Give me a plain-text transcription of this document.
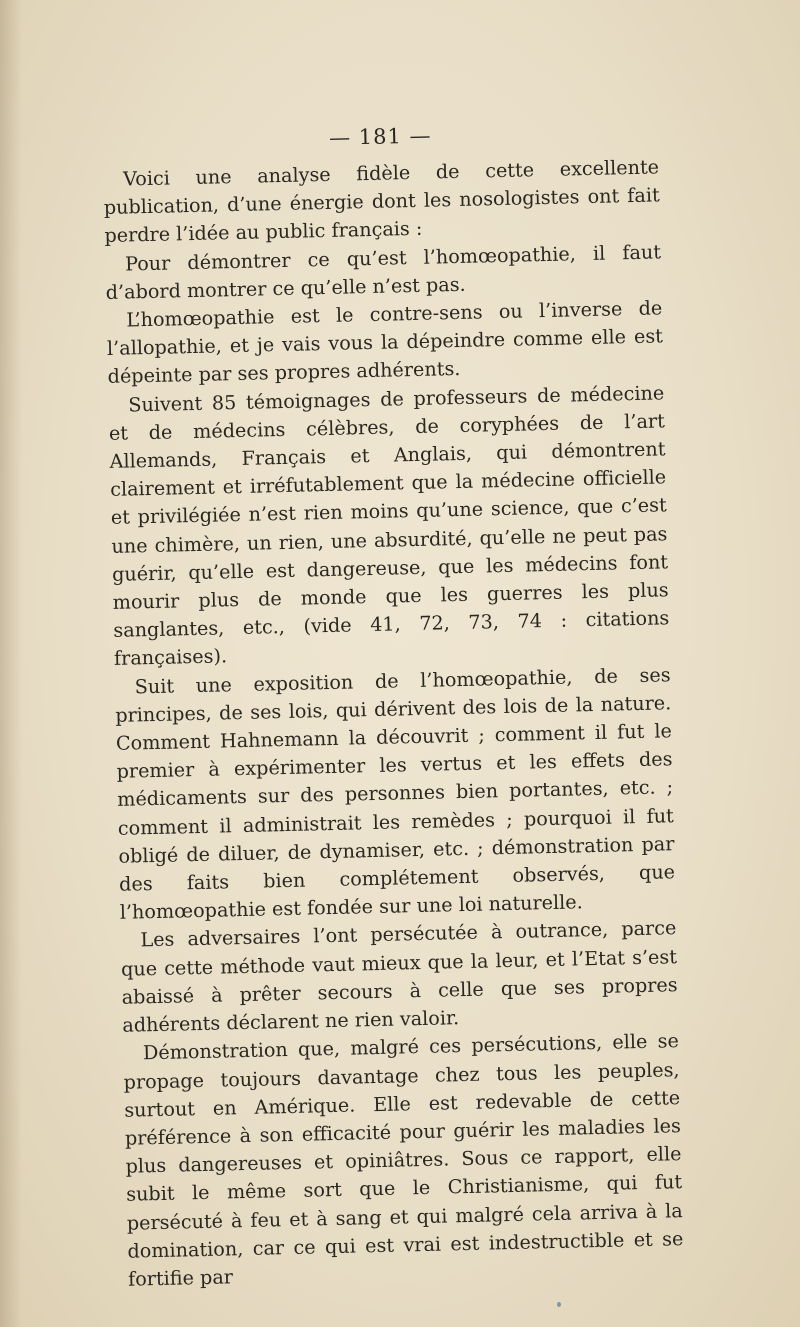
— 181 —

Voici une analyse fidèle de cette excellente publication, d’une énergie dont les nosologistes ont fait perdre l’idée au public français :

Pour démontrer ce qu’est l’homœopathie, il faut d’abord montrer ce qu’elle n’est pas.

L’homœopathie est le contre-sens ou l’inverse de l’allopathie, et je vais vous la dépeindre comme elle est dépeinte par ses propres adhérents.

Suivent 85 témoignages de professeurs de médecine et de médecins célèbres, de coryphées de l’art Allemands, Français et Anglais, qui démontrent clairement et irréfutablement que la médecine officielle et privilégiée n’est rien moins qu’une science, que c’est une chimère, un rien, une absurdité, qu’elle ne peut pas guérir, qu’elle est dangereuse, que les médecins font mourir plus de monde que les guerres les plus sanglantes, etc., (vide 41, 72, 73, 74 : citations françaises).

Suit une exposition de l’homœopathie, de ses principes, de ses lois, qui dérivent des lois de la nature. Comment Hahnemann la découvrit ; comment il fut le premier à expérimenter les vertus et les effets des médicaments sur des personnes bien portantes, etc. ; comment il administrait les remèdes ; pourquoi il fut obligé de diluer, de dynamiser, etc. ; démonstration par des faits bien complétement observés, que l’homœopathie est fondée sur une loi naturelle.

Les adversaires l’ont persécutée à outrance, parce que cette méthode vaut mieux que la leur, et l’Etat s’est abaissé à prêter secours à celle que ses propres adhérents déclarent ne rien valoir.

Démonstration que, malgré ces persécutions, elle se propage toujours davantage chez tous les peuples, surtout en Amérique. Elle est redevable de cette préférence à son efficacité pour guérir les maladies les plus dangereuses et opiniâtres. Sous ce rapport, elle subit le même sort que le Christianisme, qui fut persécuté à feu et à sang et qui malgré cela arriva à la domination, car ce qui est vrai est indestructible et se fortifie par
